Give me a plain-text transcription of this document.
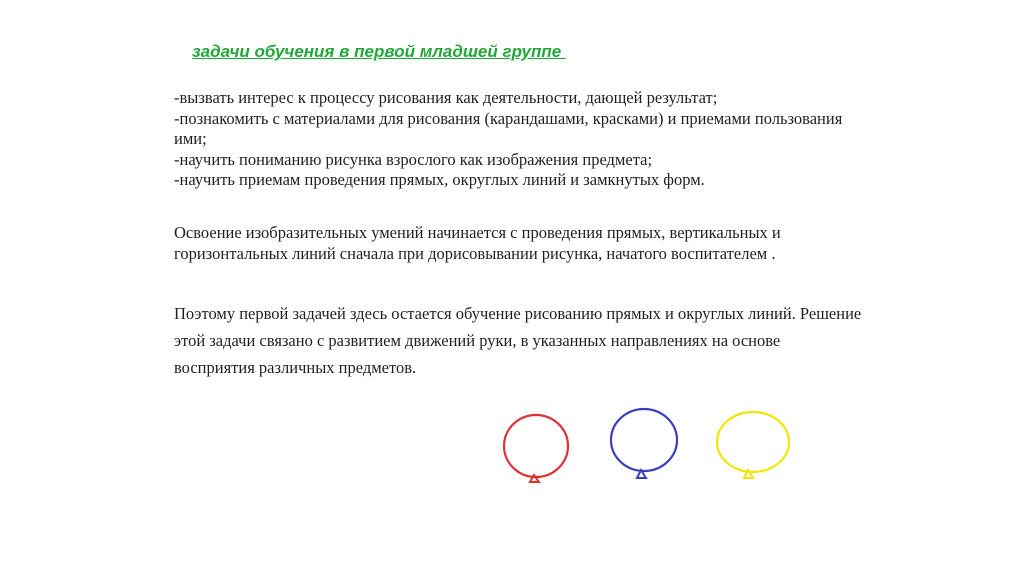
задачи обучения в первой младшей группе
-вызвать интерес к процессу рисования как деятельности, дающей результат;
-познакомить с материалами для рисования (карандашами, красками) и приемами пользования ими;
-научить пониманию рисунка взрослого как изображения предмета;
-научить приемам проведения прямых, округлых линий и замкнутых форм.
Освоение изобразительных умений начинается с проведения прямых, вертикальных и горизонтальных линий сначала при дорисовывании рисунка, начатого воспитателем .
Поэтому первой задачей здесь остается обучение рисованию прямых и округлых линий. Решение этой задачи связано с развитием движений руки, в указанных направлениях на основе восприятия различных предметов.
